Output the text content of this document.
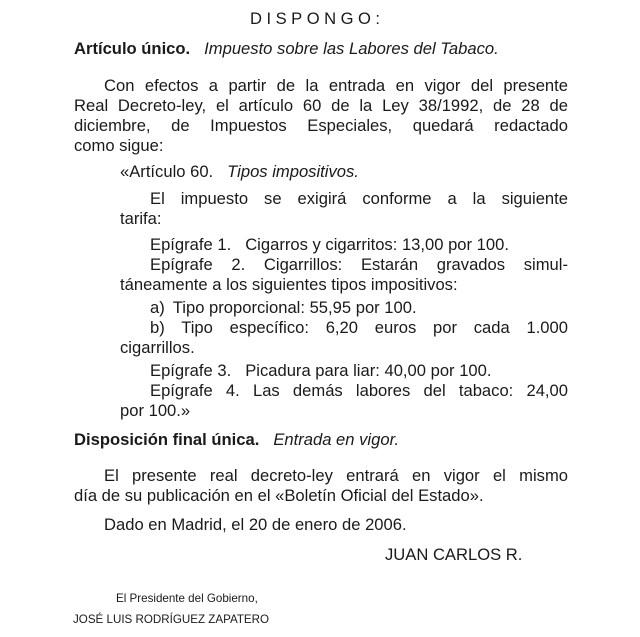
DISPONGO:
Artículo único. Impuesto sobre las Labores del Tabaco.
Con efectos a partir de la entrada en vigor del presente
Real Decreto-ley, el artículo 60 de la Ley 38/1992, de 28 de
diciembre, de Impuestos Especiales, quedará redactado
como sigue:
«Artículo 60. Tipos impositivos.
El impuesto se exigirá conforme a la siguiente
tarifa:
Epígrafe 1. Cigarros y cigarritos: 13,00 por 100.
Epígrafe 2. Cigarrillos: Estarán gravados simul-
táneamente a los siguientes tipos impositivos:
a) Tipo proporcional: 55,95 por 100.
b) Tipo específico: 6,20 euros por cada 1.000
cigarrillos.
Epígrafe 3. Picadura para liar: 40,00 por 100.
Epígrafe 4. Las demás labores del tabaco: 24,00
por 100.»
Disposición final única. Entrada en vigor.
El presente real decreto-ley entrará en vigor el mismo
día de su publicación en el «Boletín Oficial del Estado».
Dado en Madrid, el 20 de enero de 2006.
JUAN CARLOS R.
El Presidente del Gobierno,
JOSÉ LUIS RODRÍGUEZ ZAPATERO
